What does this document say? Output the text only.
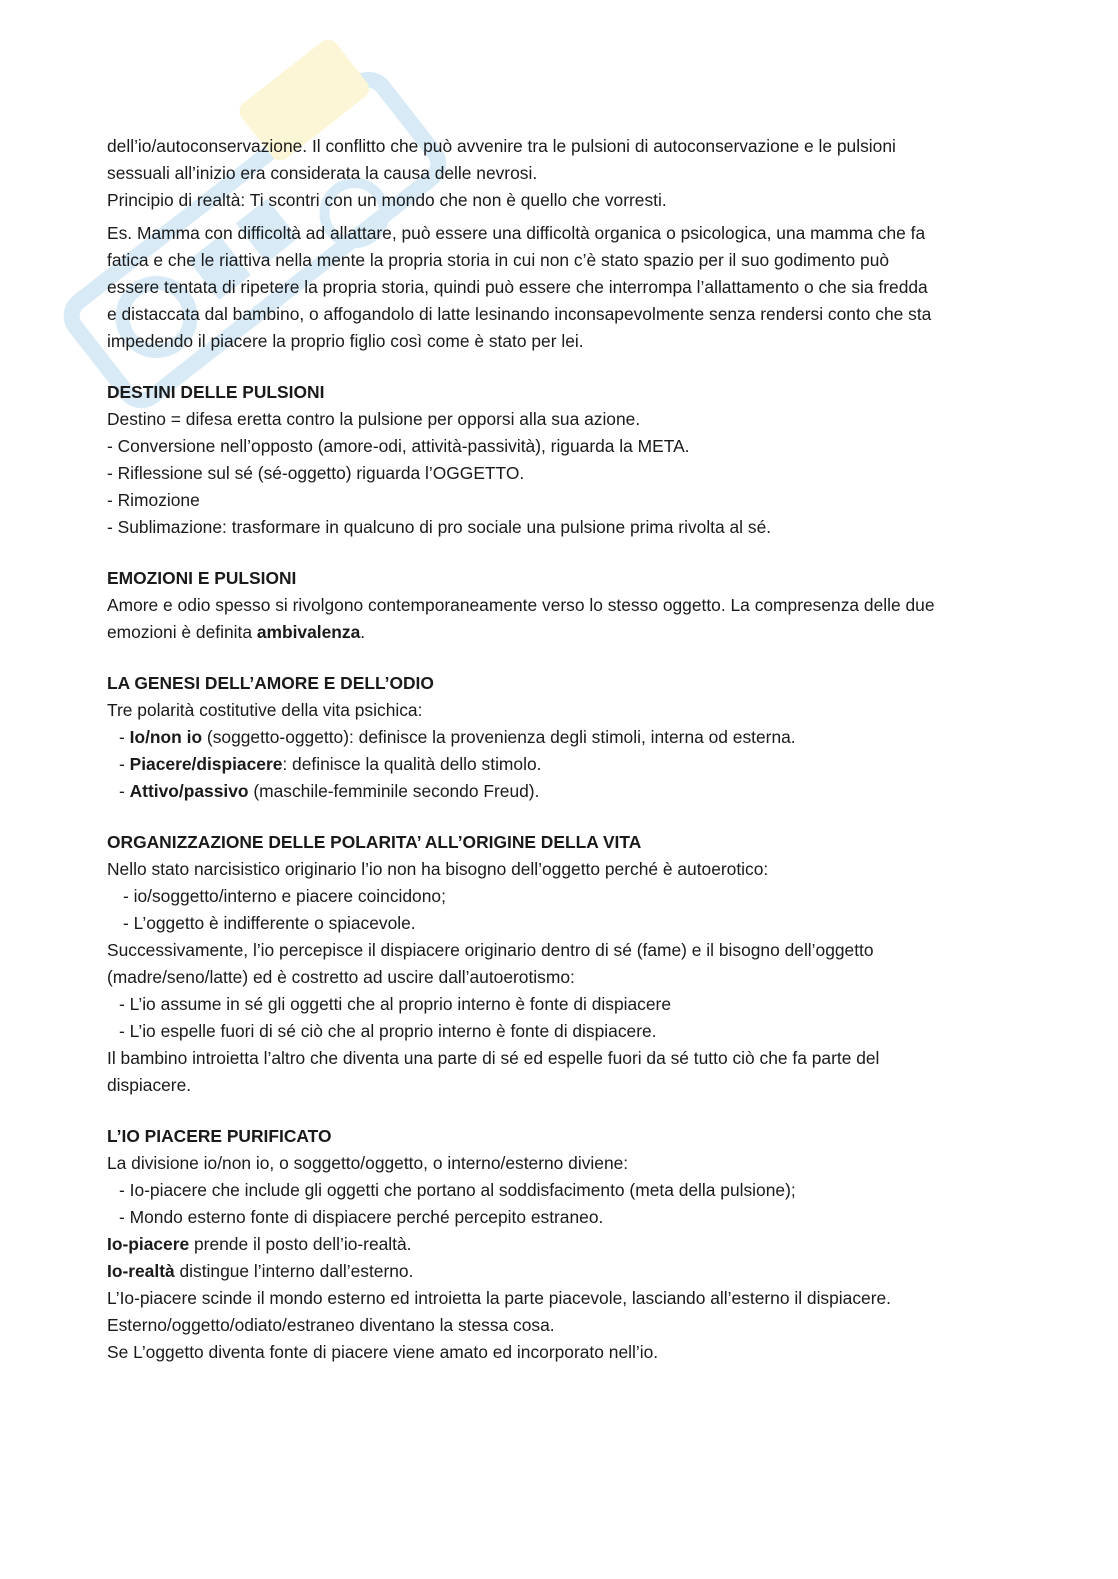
dell’io/autoconservazione. Il conflitto che può avvenire tra le pulsioni di autoconservazione e le pulsioni
sessuali all’inizio era considerata la causa delle nevrosi.
Principio di realtà: Ti scontri con un mondo che non è quello che vorresti.
Es. Mamma con difficoltà ad allattare, può essere una difficoltà organica o psicologica, una mamma che fa
fatica e che le riattiva nella mente la propria storia in cui non c’è stato spazio per il suo godimento può
essere tentata di ripetere la propria storia, quindi può essere che interrompa l’allattamento o che sia fredda
e distaccata dal bambino, o affogandolo di latte lesinando inconsapevolmente senza rendersi conto che sta
impedendo il piacere la proprio figlio così come è stato per lei.
DESTINI DELLE PULSIONI
Destino = difesa eretta contro la pulsione per opporsi alla sua azione.
- Conversione nell’opposto (amore-odi, attività-passività), riguarda la META.
- Riflessione sul sé (sé-oggetto) riguarda l’OGGETTO.
- Rimozione
- Sublimazione: trasformare in qualcuno di pro sociale una pulsione prima rivolta al sé.
EMOZIONI E PULSIONI
Amore e odio spesso si rivolgono contemporaneamente verso lo stesso oggetto. La compresenza delle due
emozioni è definita ambivalenza.
LA GENESI DELL’AMORE E DELL’ODIO
Tre polarità costitutive della vita psichica:
- Io/non io (soggetto-oggetto): definisce la provenienza degli stimoli, interna od esterna.
- Piacere/dispiacere: definisce la qualità dello stimolo.
- Attivo/passivo (maschile-femminile secondo Freud).
ORGANIZZAZIONE DELLE POLARITA’ ALL’ORIGINE DELLA VITA
Nello stato narcisistico originario l’io non ha bisogno dell’oggetto perché è autoerotico:
- io/soggetto/interno e piacere coincidono;
- L’oggetto è indifferente o spiacevole.
Successivamente, l’io percepisce il dispiacere originario dentro di sé (fame) e il bisogno dell’oggetto
(madre/seno/latte) ed è costretto ad uscire dall’autoerotismo:
- L’io assume in sé gli oggetti che al proprio interno è fonte di dispiacere
- L’io espelle fuori di sé ciò che al proprio interno è fonte di dispiacere.
Il bambino introietta l’altro che diventa una parte di sé ed espelle fuori da sé tutto ciò che fa parte del
dispiacere.
L’IO PIACERE PURIFICATO
La divisione io/non io, o soggetto/oggetto, o interno/esterno diviene:
- Io-piacere che include gli oggetti che portano al soddisfacimento (meta della pulsione);
- Mondo esterno fonte di dispiacere perché percepito estraneo.
Io-piacere prende il posto dell’io-realtà.
Io-realtà distingue l’interno dall’esterno.
L’Io-piacere scinde il mondo esterno ed introietta la parte piacevole, lasciando all’esterno il dispiacere.
Esterno/oggetto/odiato/estraneo diventano la stessa cosa.
Se L’oggetto diventa fonte di piacere viene amato ed incorporato nell’io.
